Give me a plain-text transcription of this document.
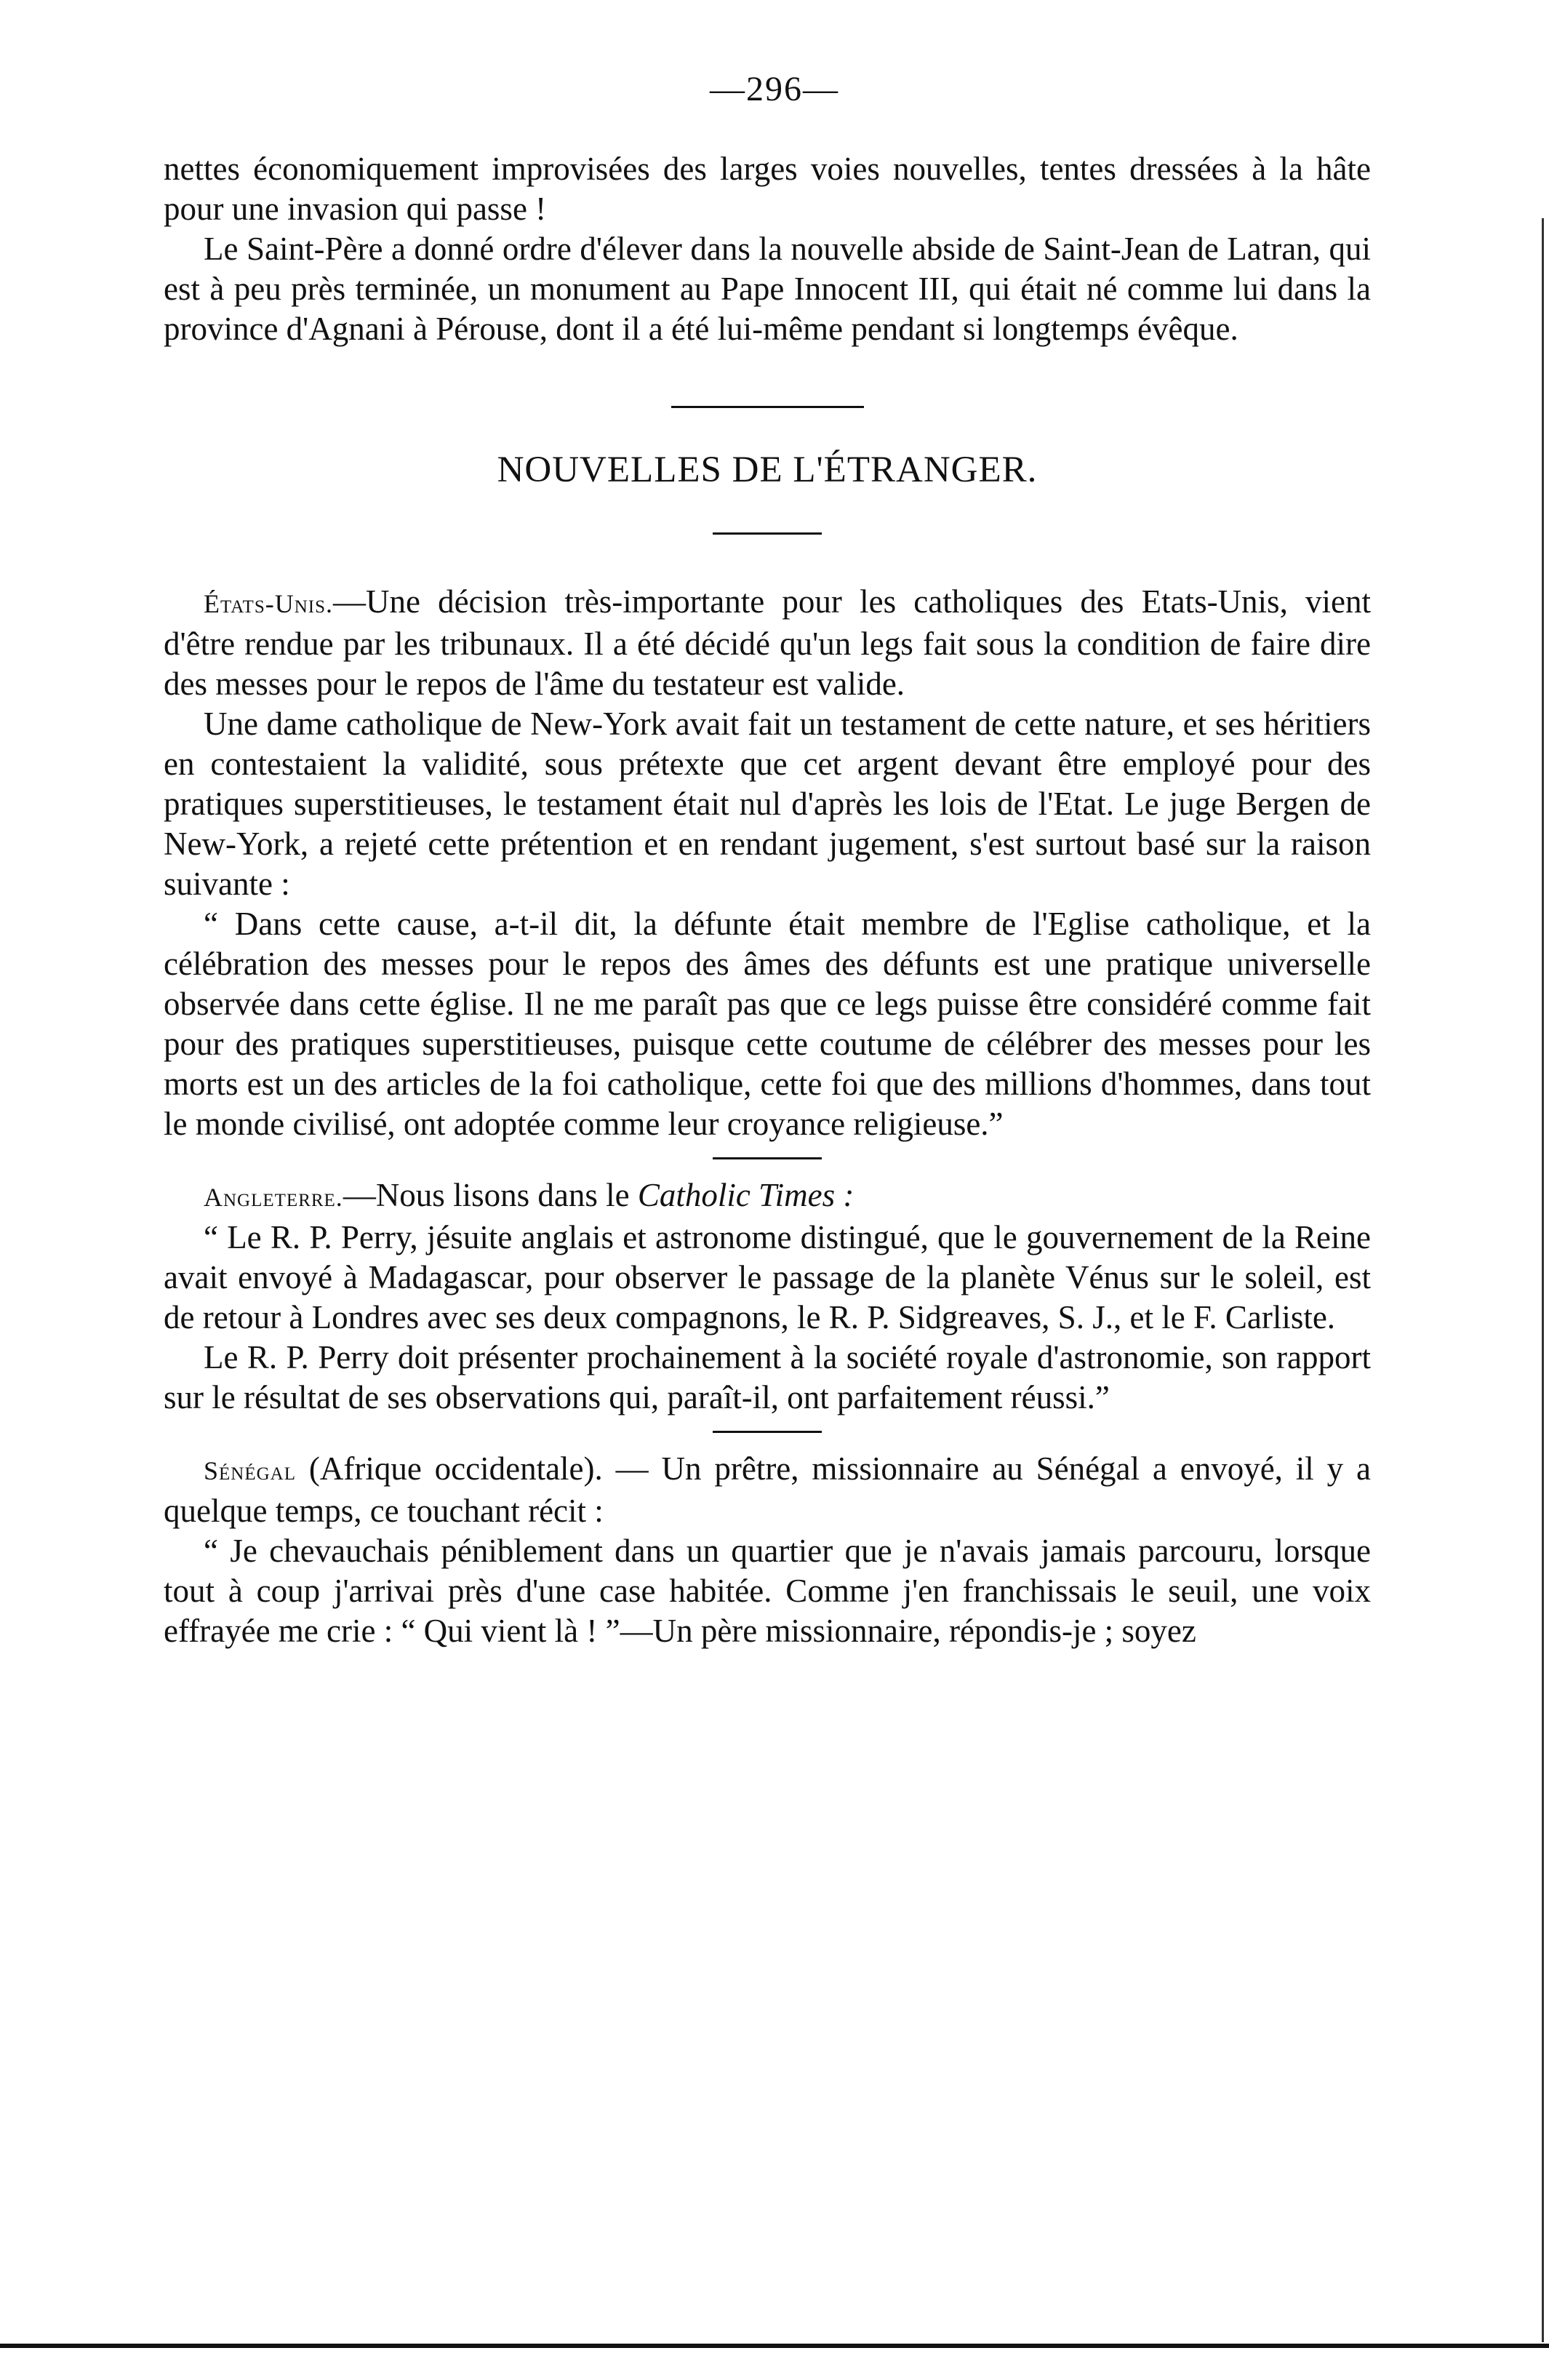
—296—

nettes économiquement improvisées des larges voies nouvelles, tentes dressées à la hâte pour une invasion qui passe !

Le Saint-Père a donné ordre d'élever dans la nouvelle abside de Saint-Jean de Latran, qui est à peu près terminée, un monument au Pape Innocent III, qui était né comme lui dans la province d'Agnani à Pérouse, dont il a été lui-même pendant si longtemps évêque.

NOUVELLES DE L'ÉTRANGER.

États-Unis.—Une décision très-importante pour les catholiques des Etats-Unis, vient d'être rendue par les tribunaux. Il a été décidé qu'un legs fait sous la condition de faire dire des messes pour le repos de l'âme du testateur est valide.

Une dame catholique de New-York avait fait un testament de cette nature, et ses héritiers en contestaient la validité, sous prétexte que cet argent devant être employé pour des pratiques superstitieuses, le testament était nul d'après les lois de l'Etat. Le juge Bergen de New-York, a rejeté cette prétention et en rendant jugement, s'est surtout basé sur la raison suivante :

“ Dans cette cause, a-t-il dit, la défunte était membre de l'Eglise catholique, et la célébration des messes pour le repos des âmes des défunts est une pratique universelle observée dans cette église. Il ne me paraît pas que ce legs puisse être considéré comme fait pour des pratiques superstitieuses, puisque cette coutume de célébrer des messes pour les morts est un des articles de la foi catholique, cette foi que des millions d'hommes, dans tout le monde civilisé, ont adoptée comme leur croyance religieuse.”

Angleterre.—Nous lisons dans le Catholic Times :

“ Le R. P. Perry, jésuite anglais et astronome distingué, que le gouvernement de la Reine avait envoyé à Madagascar, pour observer le passage de la planète Vénus sur le soleil, est de retour à Londres avec ses deux compagnons, le R. P. Sidgreaves, S. J., et le F. Carliste.

Le R. P. Perry doit présenter prochainement à la société royale d'astronomie, son rapport sur le résultat de ses observations qui, paraît-il, ont parfaitement réussi.”

Sénégal (Afrique occidentale). — Un prêtre, missionnaire au Sénégal a envoyé, il y a quelque temps, ce touchant récit :

“ Je chevauchais péniblement dans un quartier que je n'avais jamais parcouru, lorsque tout à coup j'arrivai près d'une case habitée. Comme j'en franchissais le seuil, une voix effrayée me crie : “ Qui vient là ! ”—Un père missionnaire, répondis-je ; soyez
